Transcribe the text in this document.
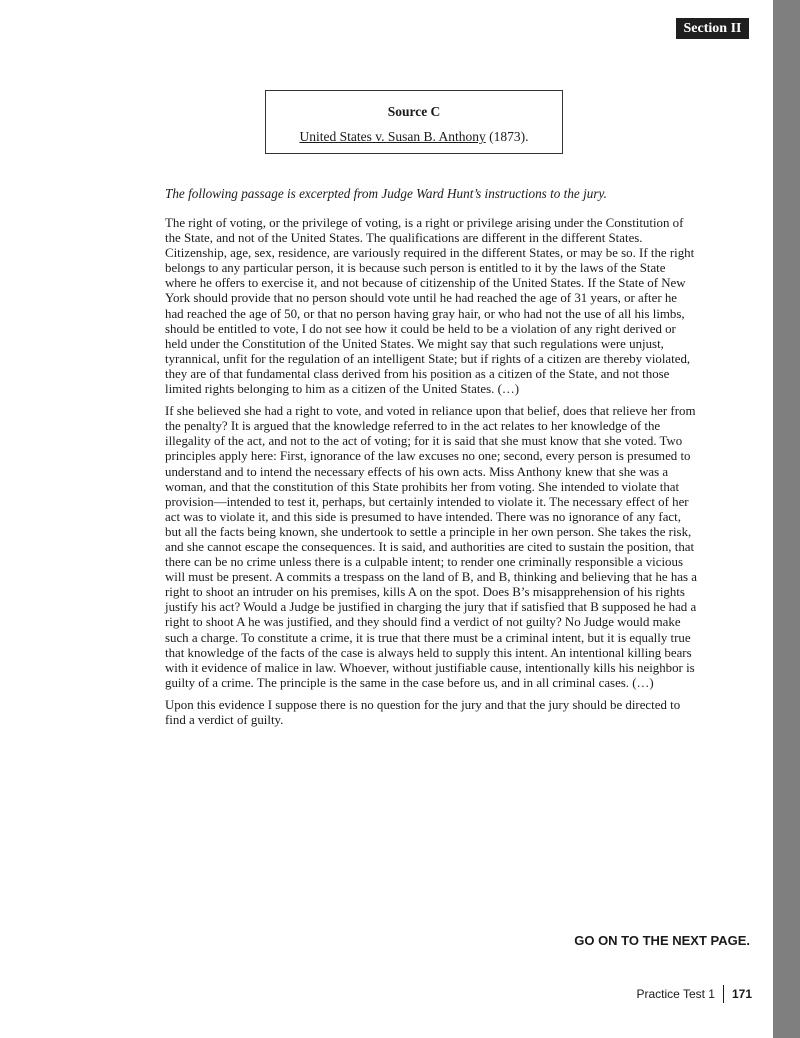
Section II
Source C
United States v. Susan B. Anthony (1873).

The following passage is excerpted from Judge Ward Hunt’s instructions to the jury.

The right of voting, or the privilege of voting, is a right or privilege arising under the Constitution of the State, and not of the United States. The qualifications are different in the different States. Citizenship, age, sex, residence, are variously required in the different States, or may be so. If the right belongs to any particular person, it is because such person is entitled to it by the laws of the State where he offers to exercise it, and not because of citizenship of the United States. If the State of New York should provide that no person should vote until he had reached the age of 31 years, or after he had reached the age of 50, or that no person having gray hair, or who had not the use of all his limbs, should be entitled to vote, I do not see how it could be held to be a violation of any right derived or held under the Constitution of the United States. We might say that such regulations were unjust, tyrannical, unfit for the regulation of an intelligent State; but if rights of a citizen are thereby violated, they are of that fundamental class derived from his position as a citizen of the State, and not those limited rights belonging to him as a citizen of the United States. (…)

If she believed she had a right to vote, and voted in reliance upon that belief, does that relieve her from the penalty? It is argued that the knowledge referred to in the act relates to her knowledge of the illegality of the act, and not to the act of voting; for it is said that she must know that she voted. Two principles apply here: First, ignorance of the law excuses no one; second, every person is presumed to understand and to intend the necessary effects of his own acts. Miss Anthony knew that she was a woman, and that the constitution of this State prohibits her from voting. She intended to violate that provision—intended to test it, perhaps, but certainly intended to violate it. The necessary effect of her act was to violate it, and this side is presumed to have intended. There was no ignorance of any fact, but all the facts being known, she undertook to settle a principle in her own person. She takes the risk, and she cannot escape the consequences. It is said, and authorities are cited to sustain the position, that there can be no crime unless there is a culpable intent; to render one criminally responsible a vicious will must be present. A commits a trespass on the land of B, and B, thinking and believing that he has a right to shoot an intruder on his premises, kills A on the spot. Does B’s misapprehension of his rights justify his act? Would a Judge be justified in charging the jury that if satisfied that B supposed he had a right to shoot A he was justified, and they should find a verdict of not guilty? No Judge would make such a charge. To constitute a crime, it is true that there must be a criminal intent, but it is equally true that knowledge of the facts of the case is always held to supply this intent. An intentional killing bears with it evidence of malice in law. Whoever, without justifiable cause, intentionally kills his neighbor is guilty of a crime. The principle is the same in the case before us, and in all criminal cases. (…)

Upon this evidence I suppose there is no question for the jury and that the jury should be directed to find a verdict of guilty.

GO ON TO THE NEXT PAGE.
Practice Test 1 171
